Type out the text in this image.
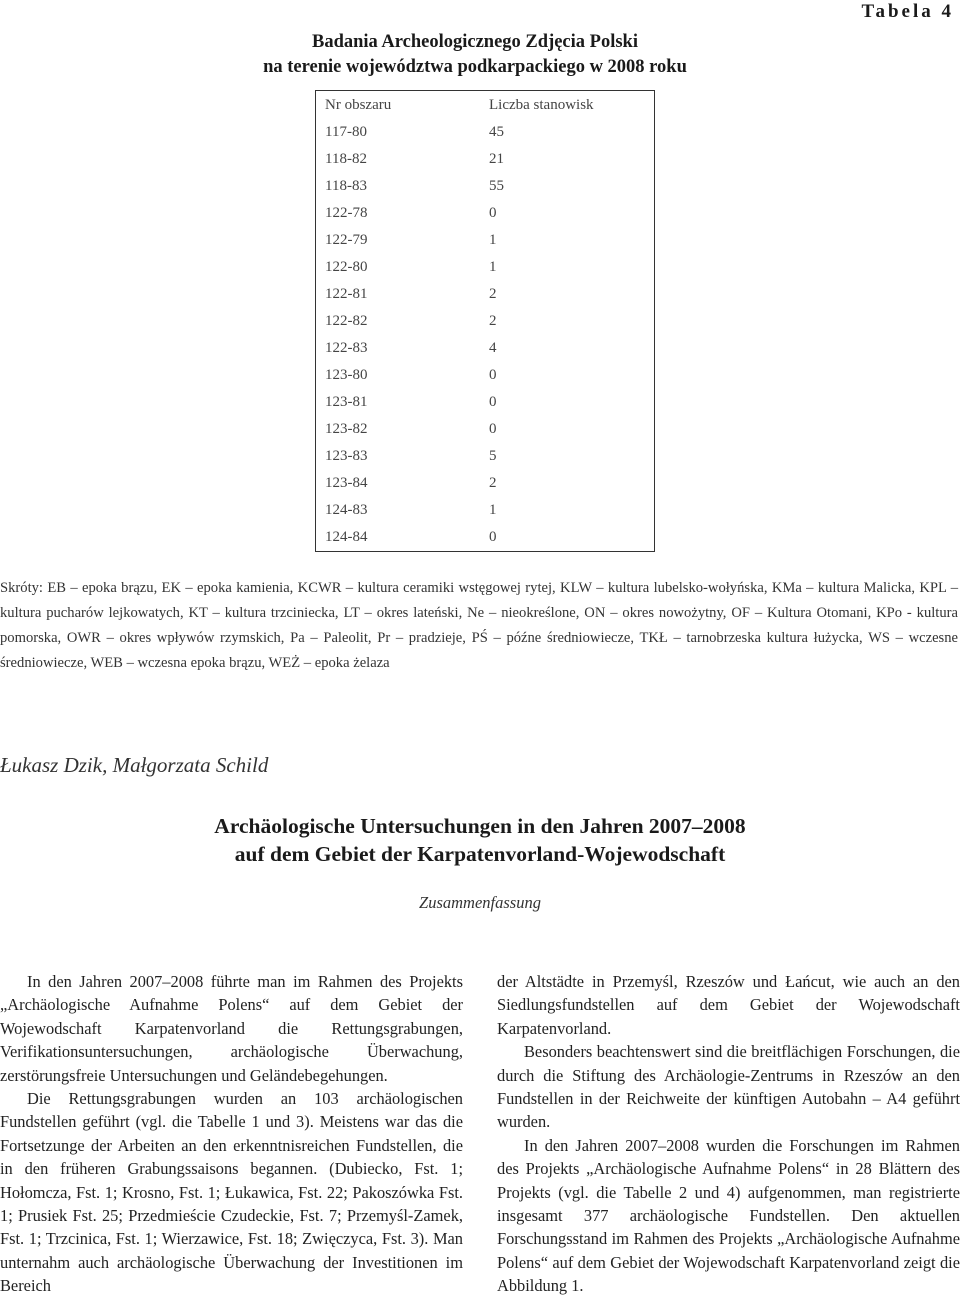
Tabela 4

Badania Archeologicznego Zdjęcia Polski
na terenie województwa podkarpackiego w 2008 roku
Nr obszaru	Liczba stanowisk
117-80	45
118-82	21
118-83	55
122-78	0
122-79	1
122-80	1
122-81	2
122-82	2
122-83	4
123-80	0
123-81	0
123-82	0
123-83	5
123-84	2
124-83	1
124-84	0

Skróty: EB – epoka brązu, EK – epoka kamienia, KCWR – kultura ceramiki wstęgowej rytej, KLW – kultura lubelsko-wołyńska, KMa – kultura Malicka, KPL – kultura pucharów lejkowatych, KT – kultura trzciniecka, LT – okres lateński, Ne – nieokreślone, ON – okres nowożytny, OF – Kultura Otomani, KPo - kultura pomorska, OWR – okres wpływów rzymskich, Pa – Paleolit, Pr – pradzieje, PŚ – późne średniowiecze, TKŁ – tarnobrzeska kultura łużycka, WS – wczesne średniowiecze, WEB – wczesna epoka brązu, WEŻ – epoka żelaza

Łukasz Dzik, Małgorzata Schild

Archäologische Untersuchungen in den Jahren 2007–2008
auf dem Gebiet der Karpatenvorland-Wojewodschaft

Zusammenfassung

In den Jahren 2007–2008 führte man im Rahmen des Projekts „Archäologische Aufnahme Polens“ auf dem Gebiet der Wojewodschaft Karpatenvorland die Rettungsgrabungen, Verifikationsuntersuchungen, archäologische Überwachung, zerstörungsfreie Untersuchungen und Geländebegehungen.

Die Rettungsgrabungen wurden an 103 archäologischen Fundstellen geführt (vgl. die Tabelle 1 und 3). Meistens war das die Fortsetzunge der Arbeiten an den erkenntnisreichen Fundstellen, die in den früheren Grabungssaisons begannen. (Dubiecko, Fst. 1; Hołomcza, Fst. 1; Krosno, Fst. 1; Łukawica, Fst. 22; Pakoszówka Fst. 1; Prusiek Fst. 25; Przedmieście Czudeckie, Fst. 7; Przemyśl-Zamek, Fst. 1; Trzcinica, Fst. 1; Wierzawice, Fst. 18; Zwięczyca, Fst. 3). Man unternahm auch archäologische Überwachung der Investitionen im Bereich

der Altstädte in Przemyśl, Rzeszów und Łańcut, wie auch an den Siedlungsfundstellen auf dem Gebiet der Wojewodschaft Karpatenvorland.

Besonders beachtenswert sind die breitflächigen Forschungen, die durch die Stiftung des Archäologie-Zentrums in Rzeszów an den Fundstellen in der Reichweite der künftigen Autobahn – A4 geführt wurden.

In den Jahren 2007–2008 wurden die Forschungen im Rahmen des Projekts „Archäologische Aufnahme Polens“ in 28 Blättern des Projekts (vgl. die Tabelle 2 und 4) aufgenommen, man registrierte insgesamt 377 archäologische Fundstellen. Den aktuellen Forschungsstand im Rahmen des Projekts „Archäologische Aufnahme Polens“ auf dem Gebiet der Wojewodschaft Karpatenvorland zeigt die Abbildung 1.
